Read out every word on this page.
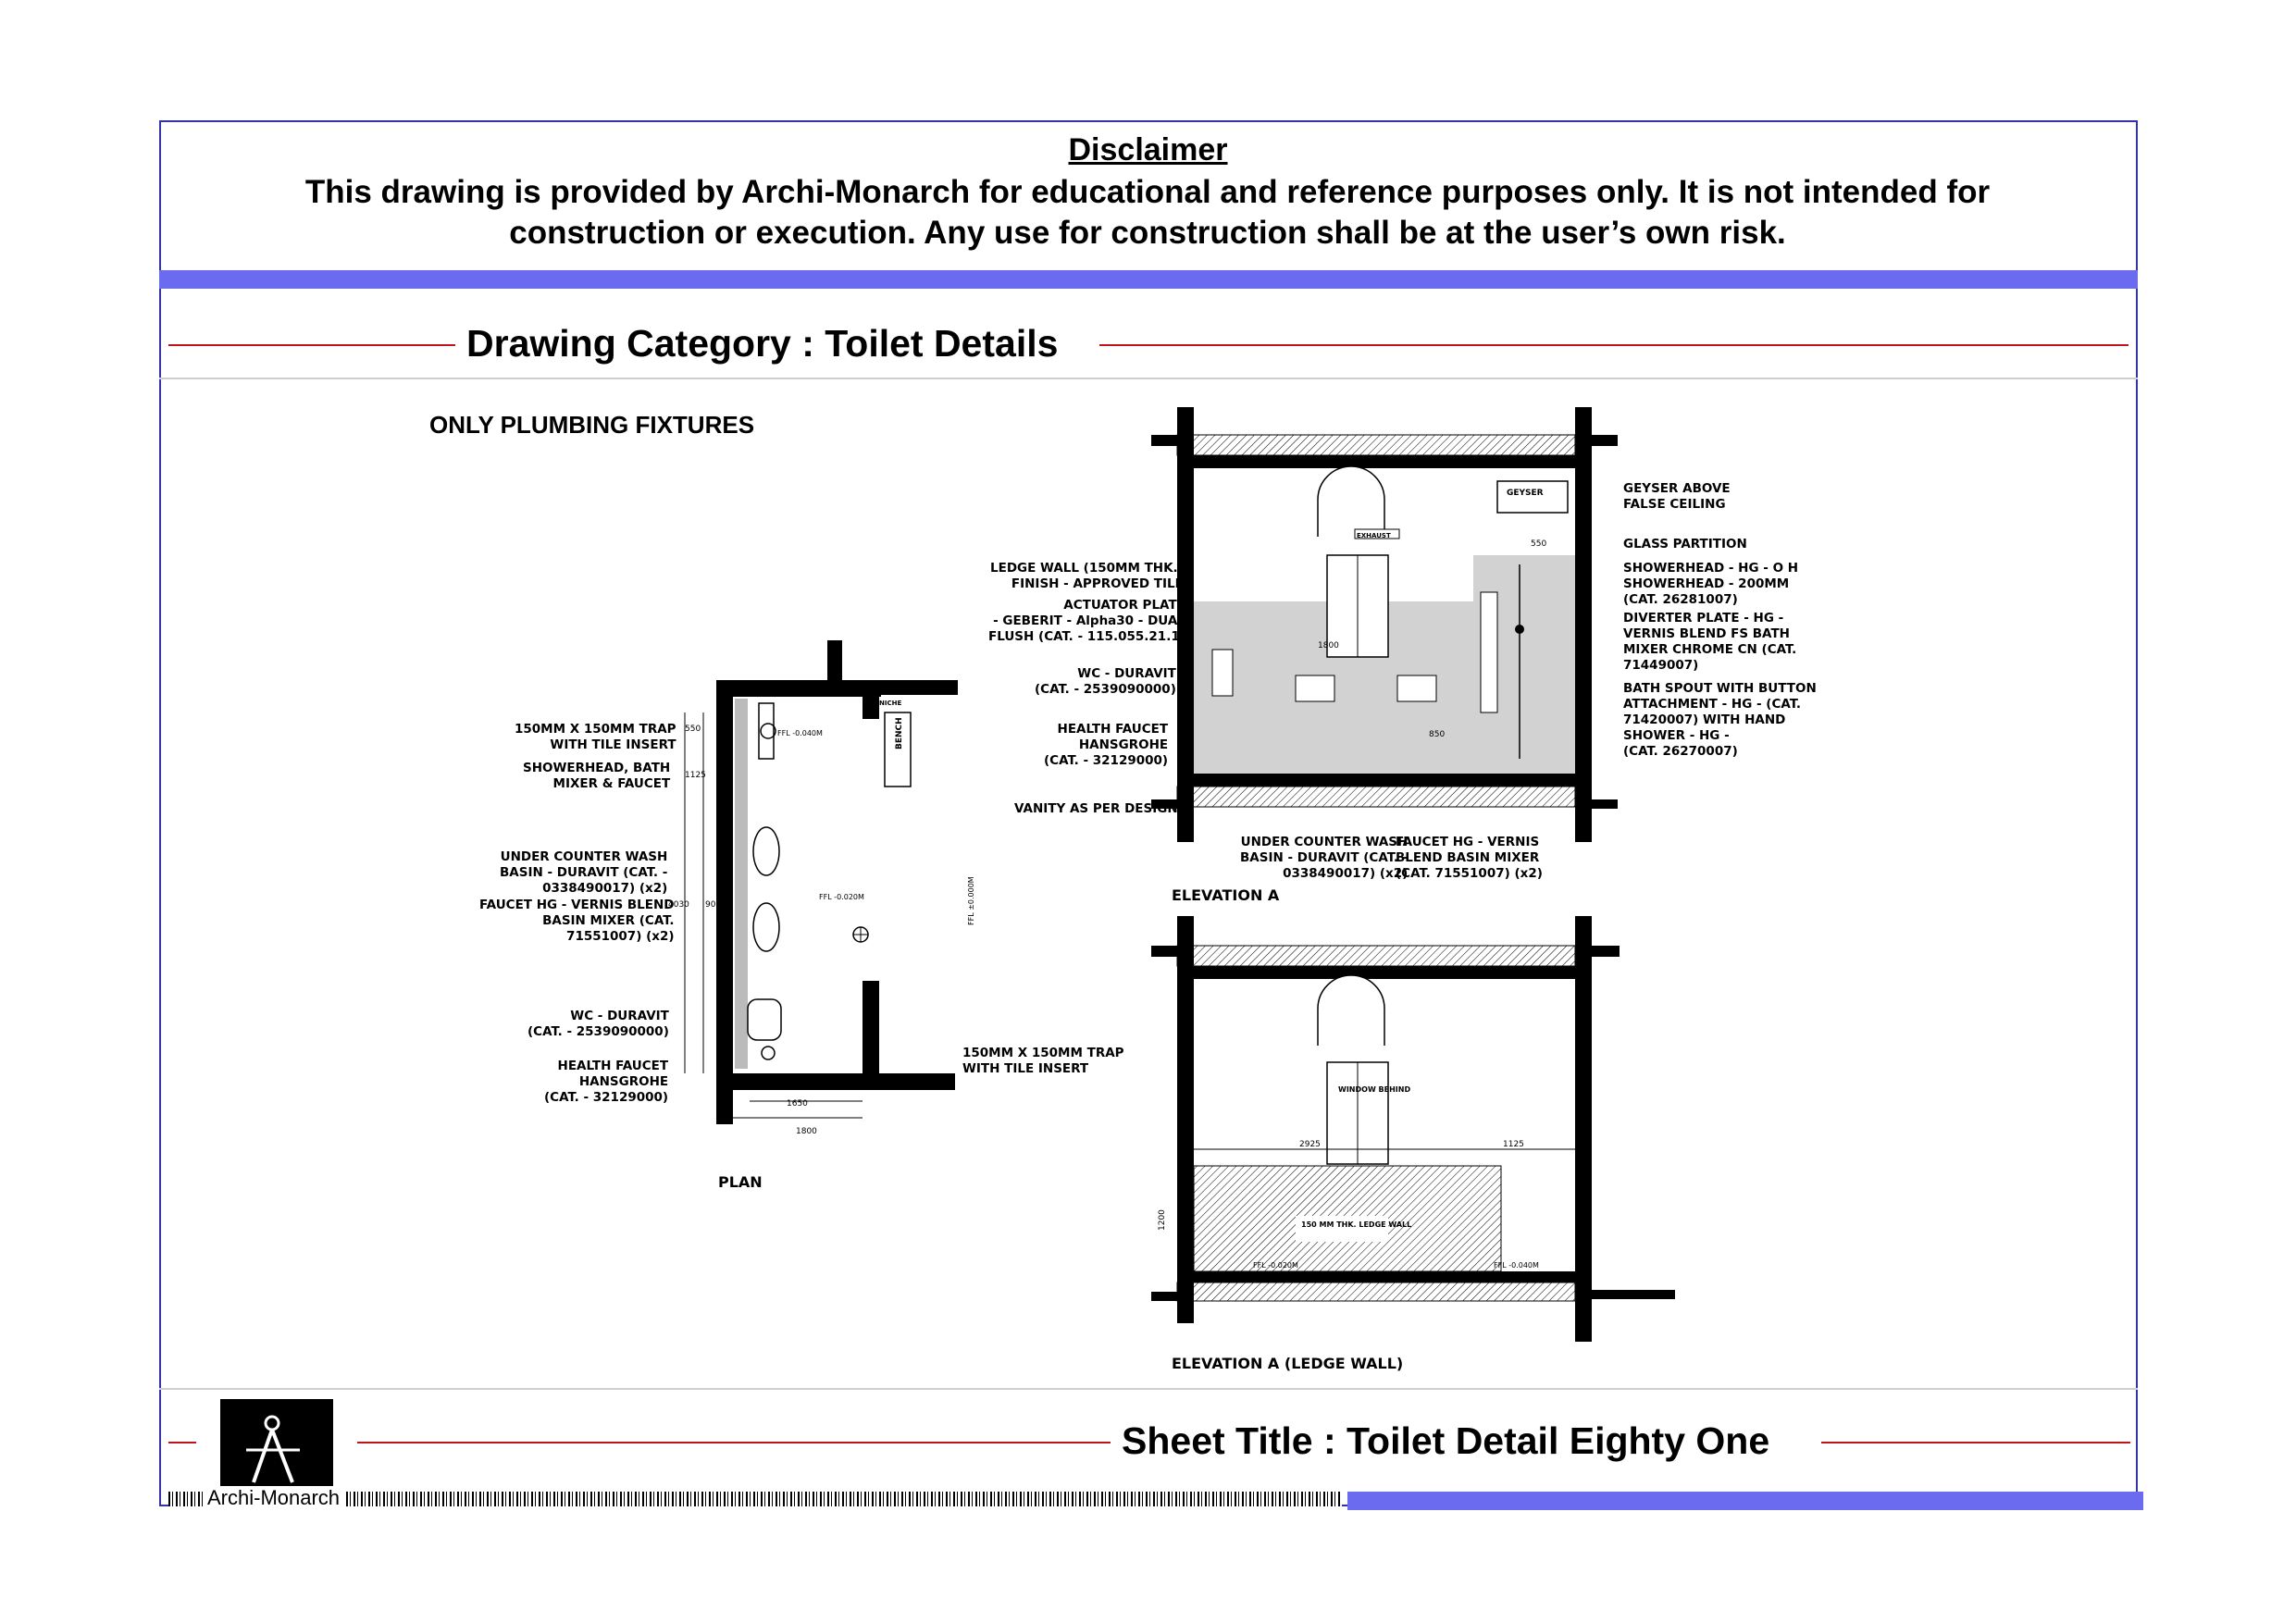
Disclaimer
This drawing is provided by Archi-Monarch for educational and reference purposes only. It is not intended for
construction or execution. Any use for construction shall be at the user’s own risk.
Drawing Category : Toilet Details
ONLY PLUMBING FIXTURES
BENCH
NICHE
550
1125
4030 900
1650
1800
FFL -0.040M
FFL -0.020M	FFL ±0.000M
150MM X 150MM TRAP
WITH TILE INSERT
SHOWERHEAD, BATH
MIXER & FAUCET
UNDER COUNTER WASH
BASIN - DURAVIT (CAT. -
0338490017) (x2)
FAUCET HG - VERNIS BLEND
BASIN MIXER (CAT.
71551007) (x2)
WC - DURAVIT
(CAT. - 2539090000)
HEALTH FAUCET
HANSGROHE
(CAT. - 32129000)
150MM X 150MM TRAP
WITH TILE INSERT
PLAN
GEYSER
EXHAUST
850
1800
550
LEDGE WALL (150MM THK.)
FINISH - APPROVED TILE
ACTUATOR PLATE
- GEBERIT - Alpha30 - DUAL
FLUSH (CAT. - 115.055.21.1)
WC - DURAVIT
(CAT. - 2539090000)
HEALTH FAUCET
HANSGROHE
(CAT. - 32129000)
VANITY AS PER DESIGN
UNDER COUNTER WASH
BASIN - DURAVIT (CAT. -
0338490017) (x2)
FAUCET HG - VERNIS
BLEND BASIN MIXER
(CAT. 71551007) (x2)
GEYSER ABOVE
FALSE CEILING
GLASS PARTITION
SHOWERHEAD - HG - O H
SHOWERHEAD - 200MM
(CAT. 26281007)
DIVERTER PLATE - HG -
VERNIS BLEND FS BATH
MIXER CHROME CN (CAT.
71449007)
BATH SPOUT WITH BUTTON
ATTACHMENT - HG - (CAT.
71420007) WITH HAND
SHOWER - HG -
(CAT. 26270007)
ELEVATION A
WINDOW BEHIND
150 MM THK. LEDGE WALL
2925	1125
1200
FFL -0.020M	FFL -0.040M
ELEVATION A (LEDGE WALL)
Sheet Title : Toilet Detail Eighty One
Archi-Monarch
